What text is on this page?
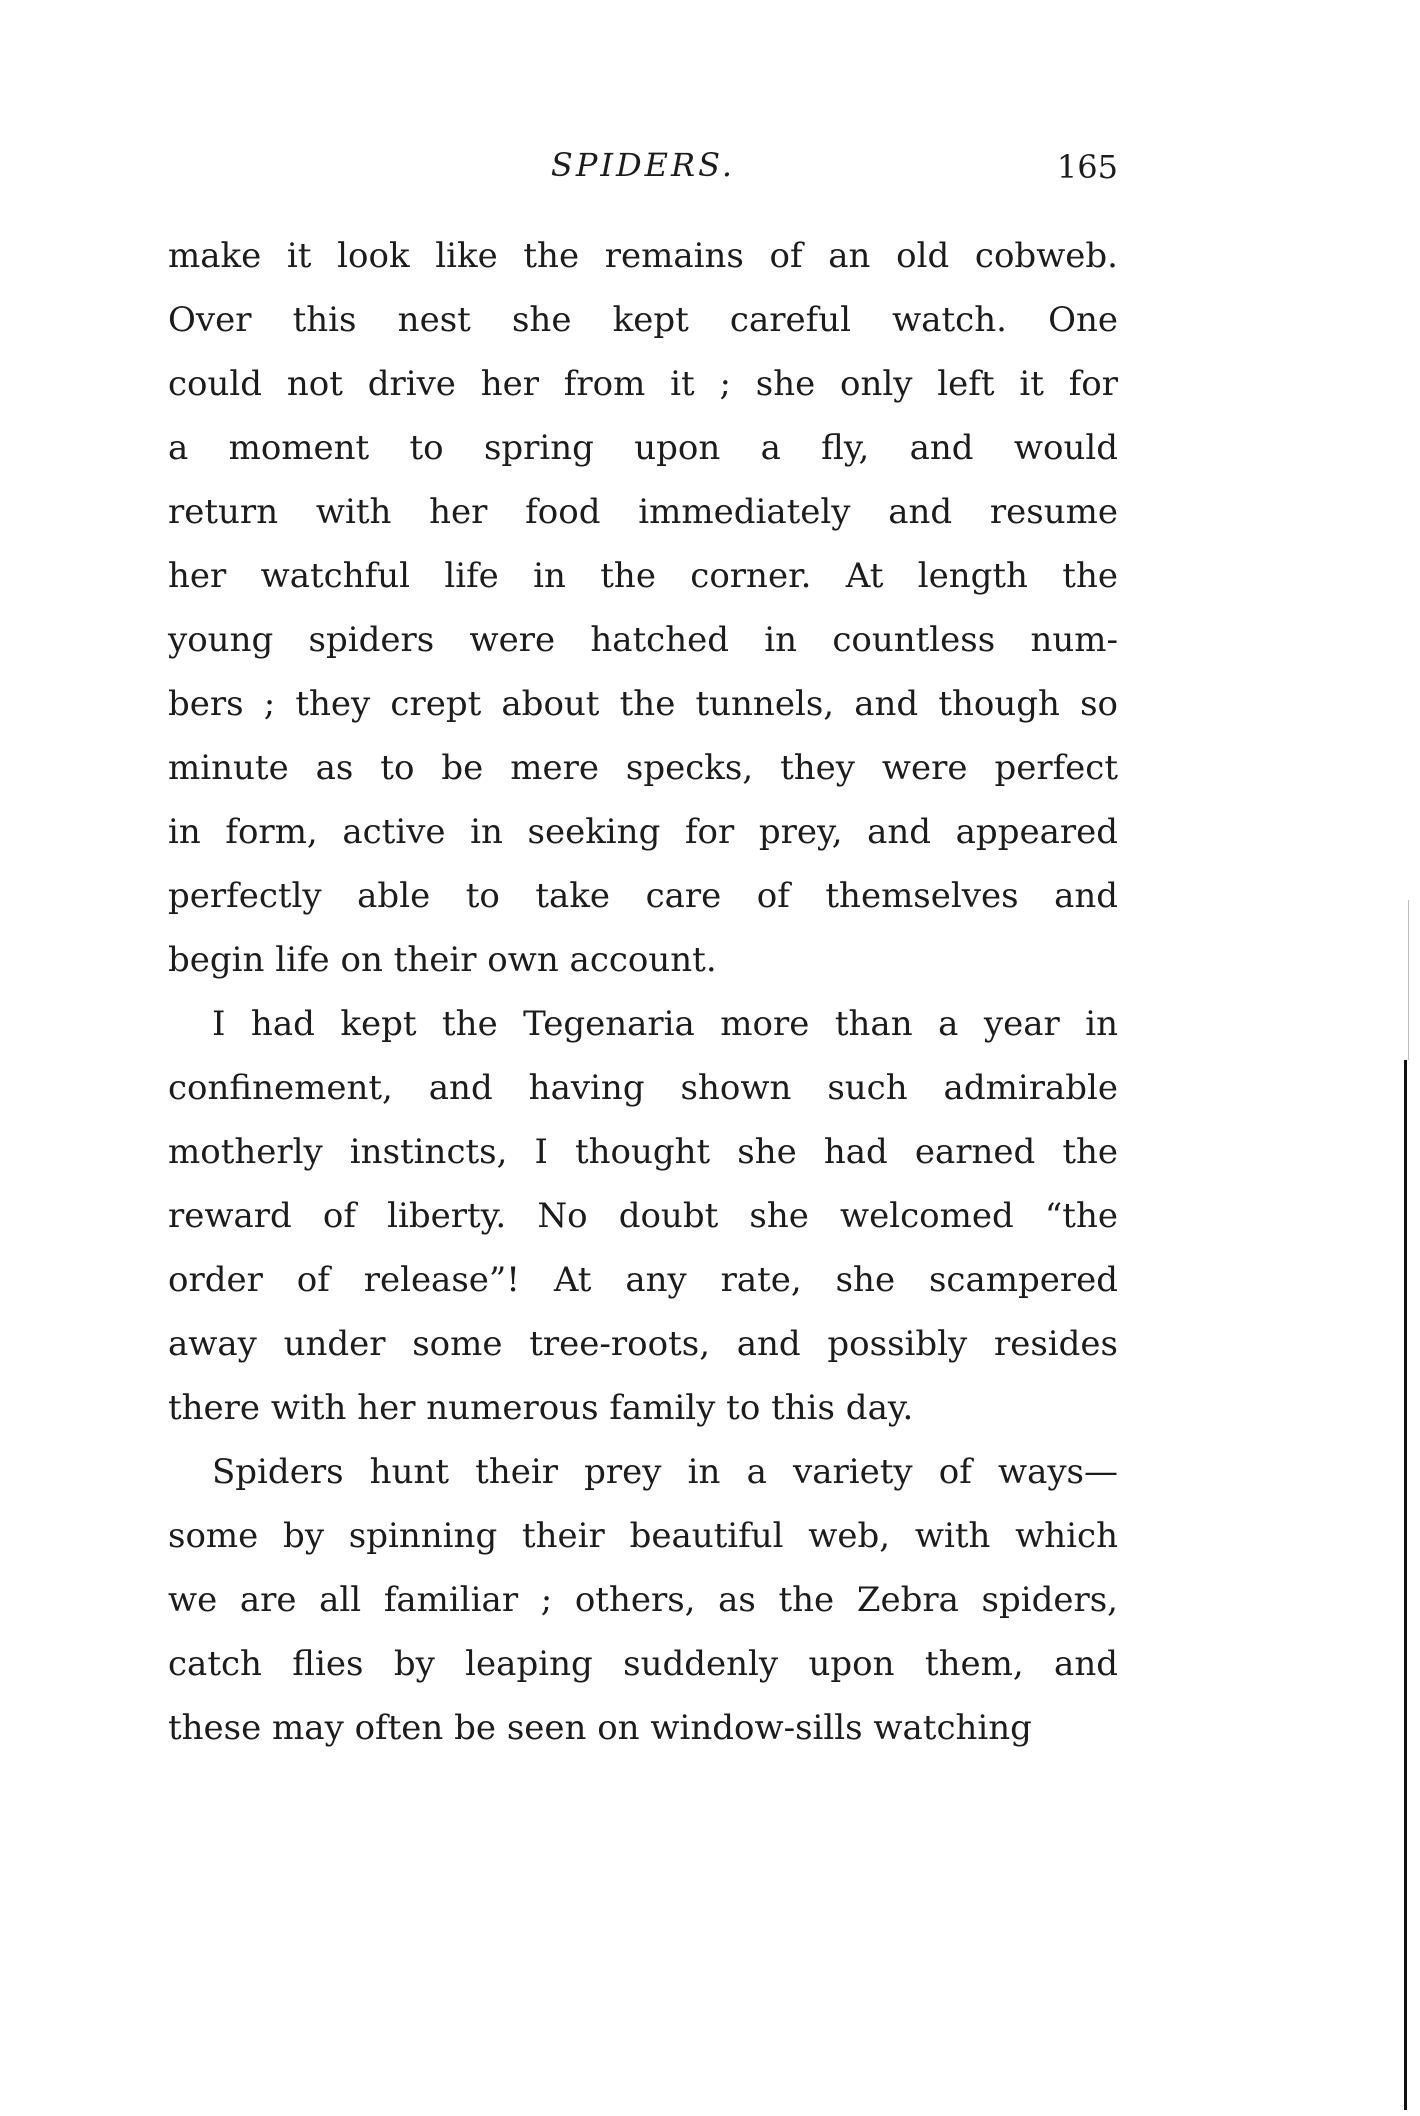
SPIDERS.	165
make it look like the remains of an old cobweb.
Over this nest she kept careful watch. One
could not drive her from it ; she only left it for
a moment to spring upon a fly, and would
return with her food immediately and resume
her watchful life in the corner. At length the
young spiders were hatched in countless num-
bers ; they crept about the tunnels, and though so
minute as to be mere specks, they were perfect
in form, active in seeking for prey, and appeared
perfectly able to take care of themselves and
begin life on their own account.
I had kept the Tegenaria more than a year in
confinement, and having shown such admirable
motherly instincts, I thought she had earned the
reward of liberty. No doubt she welcomed “the
order of release”! At any rate, she scampered
away under some tree-roots, and possibly resides
there with her numerous family to this day.
Spiders hunt their prey in a variety of ways—
some by spinning their beautiful web, with which
we are all familiar ; others, as the Zebra spiders,
catch flies by leaping suddenly upon them, and
these may often be seen on window-sills watching
